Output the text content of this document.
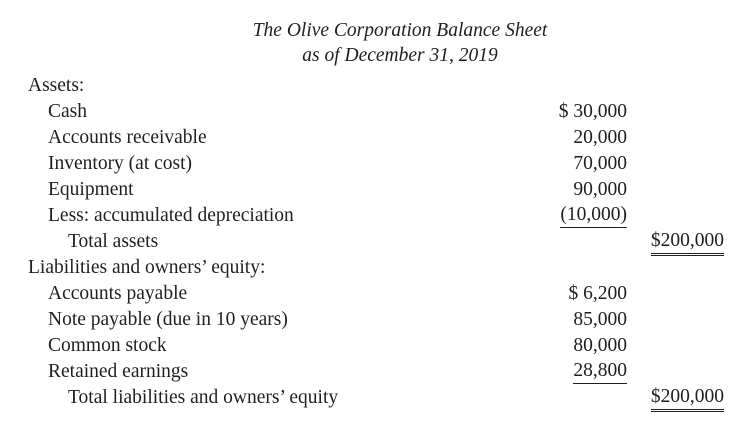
The Olive Corporation Balance Sheet
as of December 31, 2019
Assets:
Cash	$ 30,000
Accounts receivable	20,000
Inventory (at cost)	70,000
Equipment	90,000
Less: accumulated depreciation	(10,000)
Total assets	$200,000
Liabilities and owners’ equity:
Accounts payable	$ 6,200
Note payable (due in 10 years)	85,000
Common stock	80,000
Retained earnings	28,800
Total liabilities and owners’ equity	$200,000
